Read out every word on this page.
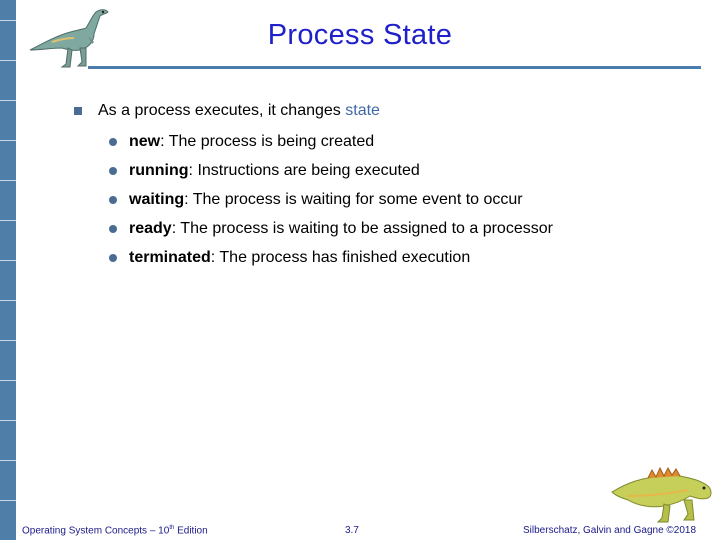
Process State
As a process executes, it changes state
new: The process is being created
running: Instructions are being executed
waiting: The process is waiting for some event to occur
ready: The process is waiting to be assigned to a processor
terminated: The process has finished execution
Operating System Concepts – 10th Edition	3.7	Silberschatz, Galvin and Gagne ©2018
